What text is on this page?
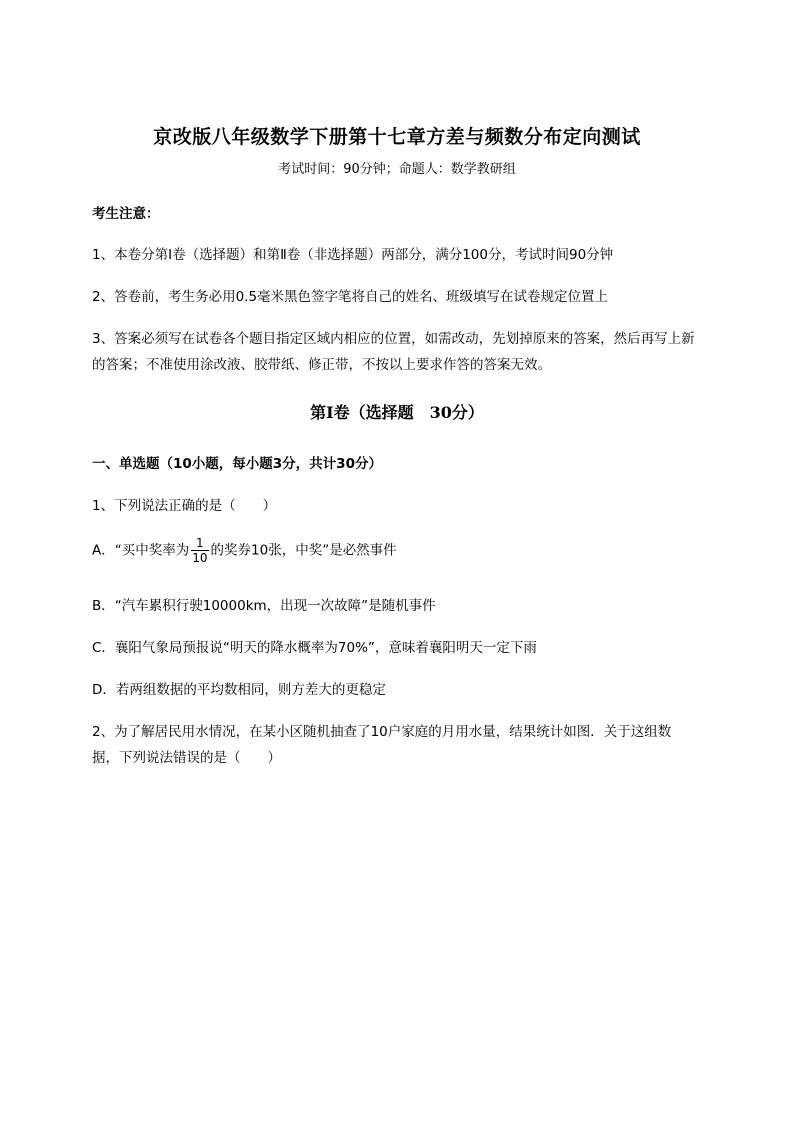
京改版八年级数学下册第十七章方差与频数分布定向测试
考试时间：90分钟；命题人：数学教研组
考生注意：
1、本卷分第I卷（选择题）和第Ⅱ卷（非选择题）两部分，满分100分，考试时间90分钟
2、答卷前，考生务必用0.5毫米黑色签字笔将自己的姓名、班级填写在试卷规定位置上
3、答案必须写在试卷各个题目指定区域内相应的位置，如需改动，先划掉原来的答案，然后再写上新
的答案；不准使用涂改液、胶带纸、修正带，不按以上要求作答的答案无效。
第I卷（选择题　30分）
一、单选题（10小题，每小题3分，共计30分）
1、下列说法正确的是（　　）
A．“买中奖率为 $\frac{1}{10}$ 的奖券10张，中奖”是必然事件
B．“汽车累积行驶10000km，出现一次故障”是随机事件
C．襄阳气象局预报说“明天的降水概率为70%”，意味着襄阳明天一定下雨
D．若两组数据的平均数相同，则方差大的更稳定
2、为了解居民用水情况，在某小区随机抽查了10户家庭的月用水量，结果统计如图．关于这组数
据，下列说法错误的是（　　）
